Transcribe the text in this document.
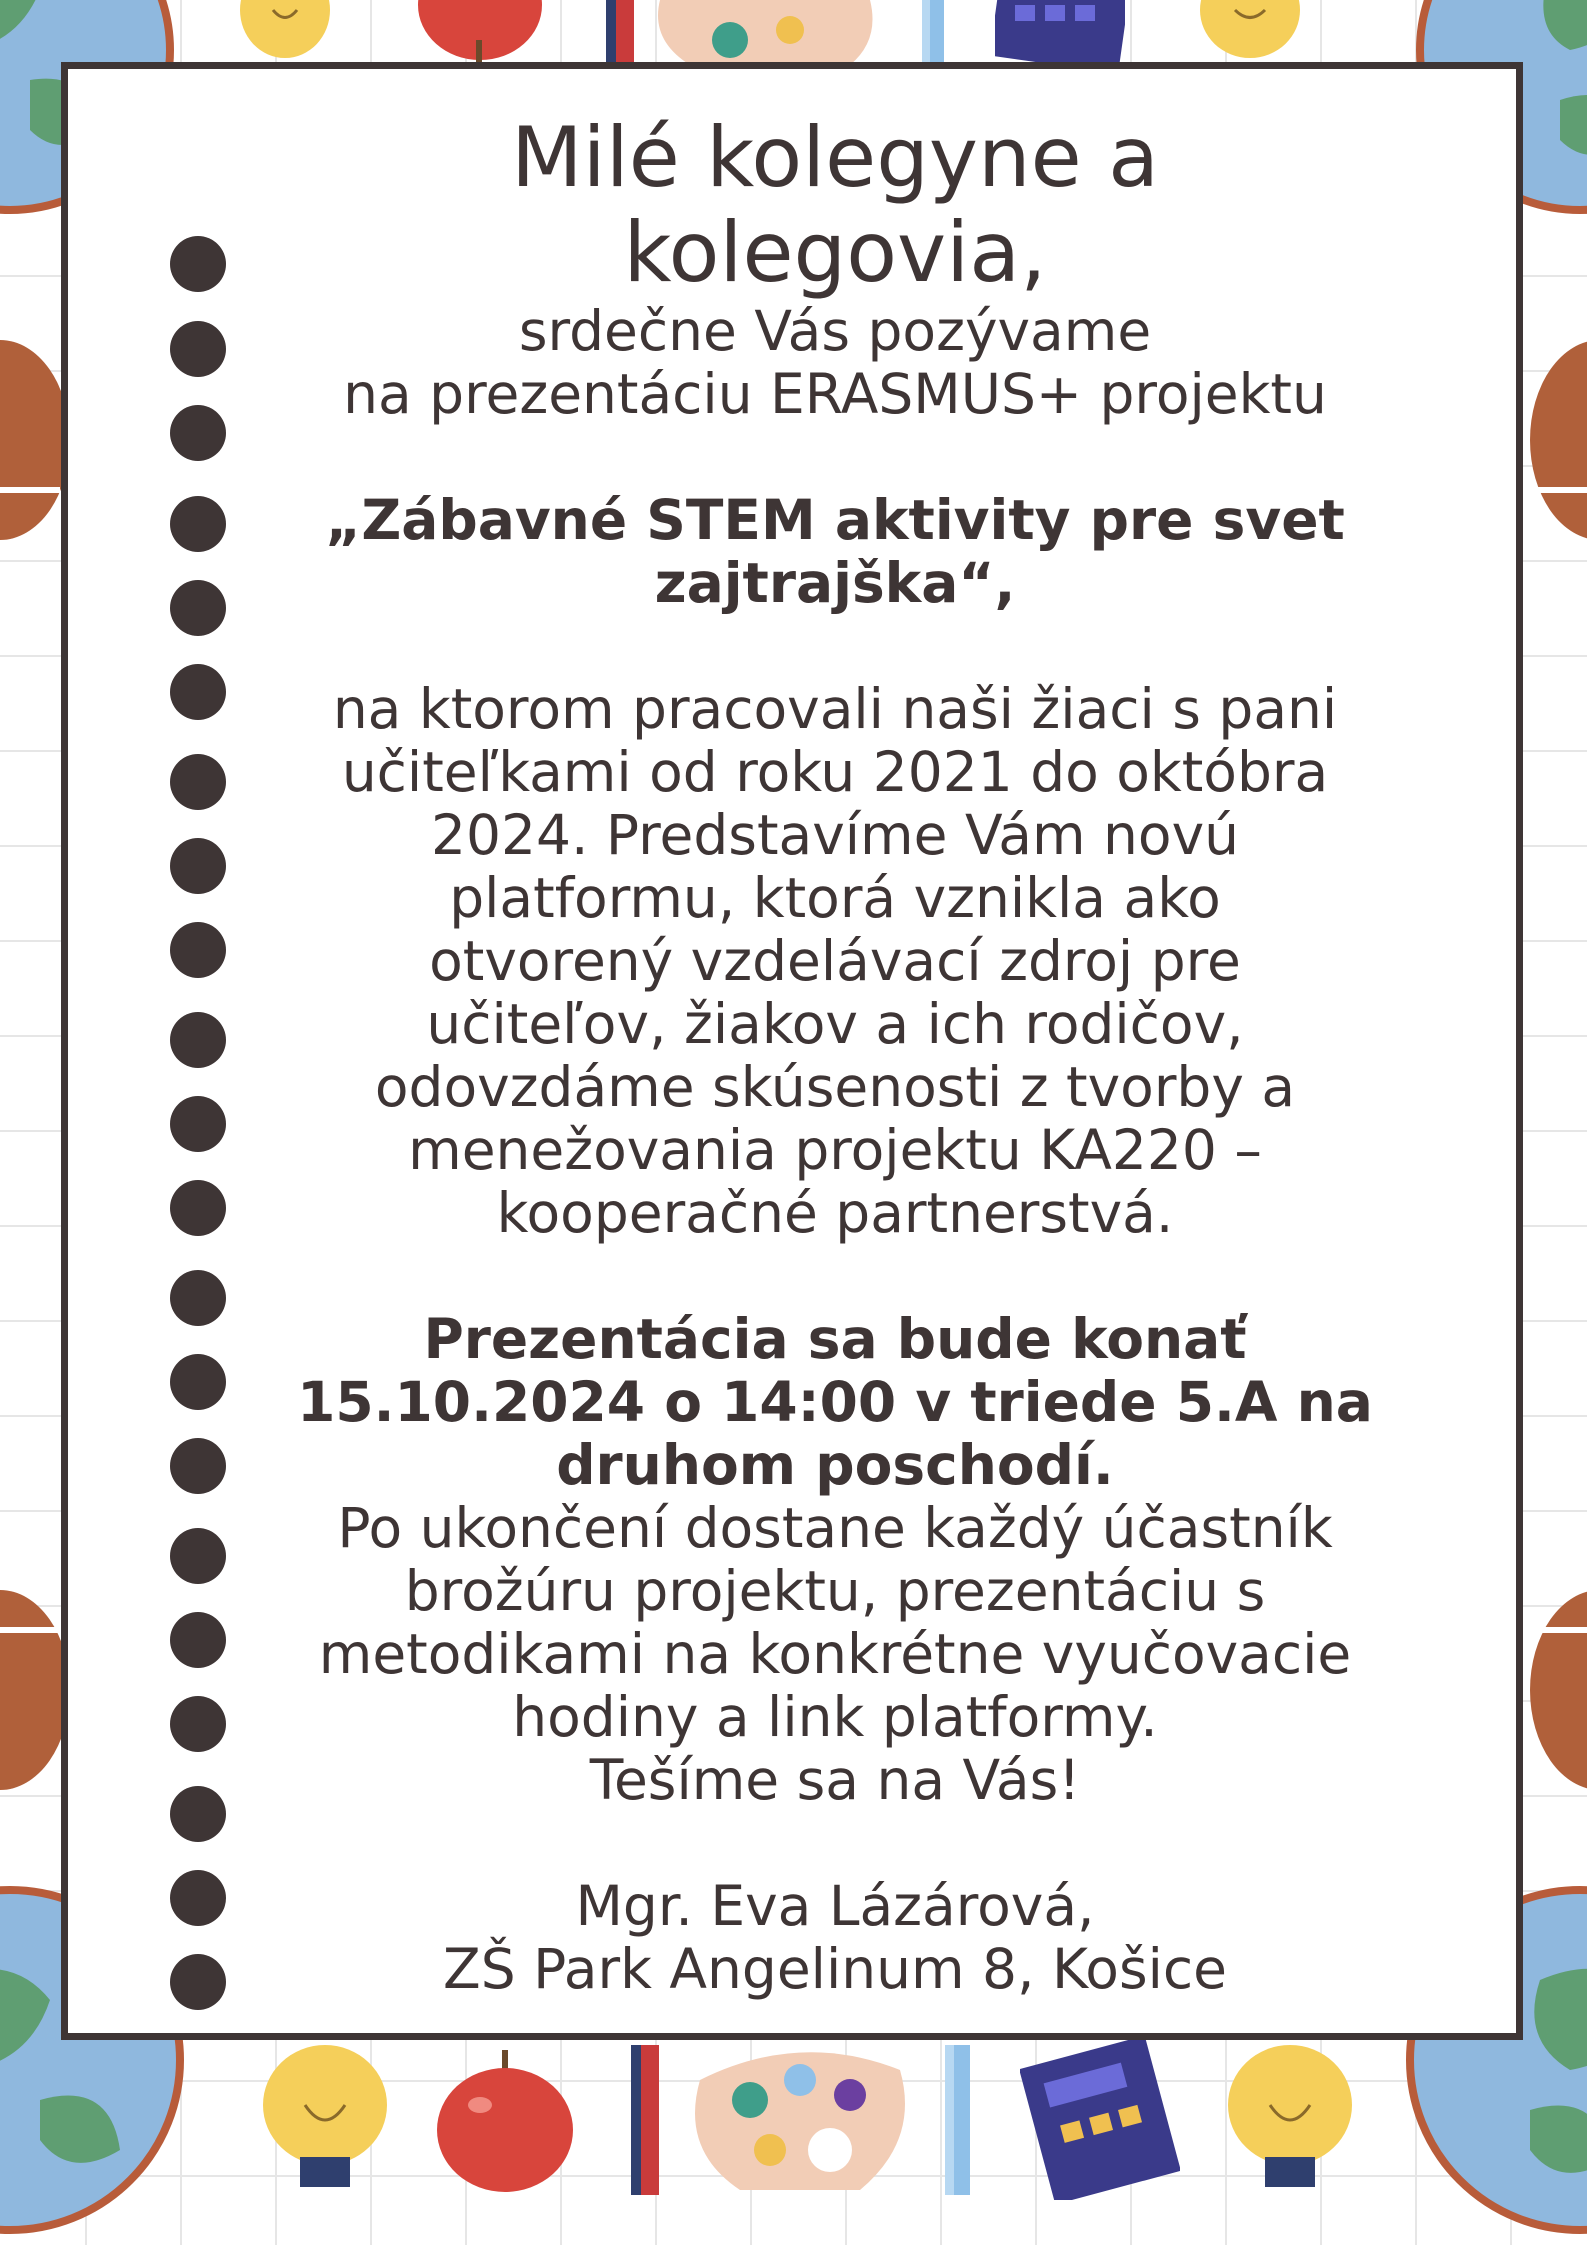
Milé kolegyne a
kolegovia,
srdečne Vás pozývame
na prezentáciu ERASMUS+ projektu
„Zábavné STEM aktivity pre svet
zajtrajška“,
na ktorom pracovali naši žiaci s pani
učiteľkami od roku 2021 do októbra
2024. Predstavíme Vám novú
platformu, ktorá vznikla ako
otvorený vzdelávací zdroj pre
učiteľov, žiakov a ich rodičov,
odovzdáme skúsenosti z tvorby a
menežovania projektu KA220 –
kooperačné partnerstvá.
Prezentácia sa bude konať
15.10.2024 o 14:00 v triede 5.A na
druhom poschodí.
Po ukončení dostane každý účastník
brožúru projektu, prezentáciu s
metodikami na konkrétne vyučovacie
hodiny a link platformy.
Tešíme sa na Vás!
Mgr. Eva Lázárová,
ZŠ Park Angelinum 8, Košice
